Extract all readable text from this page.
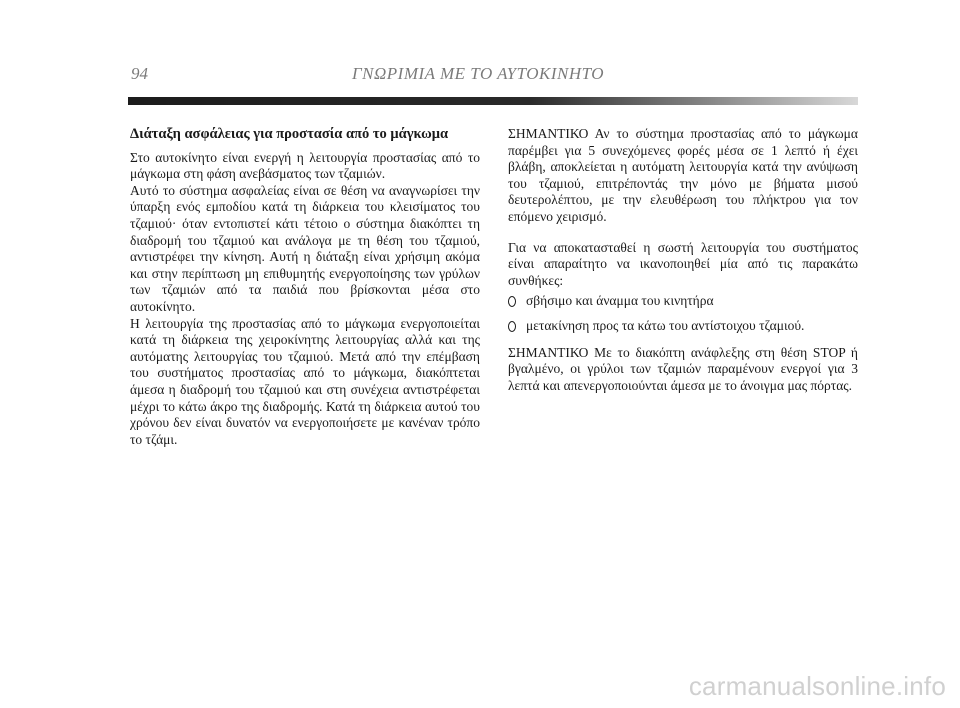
94	ΓΝΩΡΙΜΙΑ ΜΕ ΤΟ ΑΥΤΟΚΙΝΗΤΟ
Διάταξη ασφάλειας για προστασία από το μάγκωμα

Στο αυτοκίνητο είναι ενεργή η λειτουργία προστασίας από το μάγκωμα στη φάση ανεβάσματος των τζαμιών.

Αυτό το σύστημα ασφαλείας είναι σε θέση να αναγνωρίσει την ύπαρξη ενός εμποδίου κατά τη διάρκεια του κλεισίματος του τζαμιού· όταν εντοπιστεί κάτι τέτοιο ο σύστημα διακόπτει τη διαδρομή του τζαμιού και ανάλογα με τη θέση του τζαμιού, αντιστρέφει την κίνηση. Αυτή η διάταξη είναι χρήσιμη ακόμα και στην περίπτωση μη επιθυμητής ενεργοποίησης των γρύλων των τζαμιών από τα παιδιά που βρίσκονται μέσα στο αυτοκίνητο.

Η λειτουργία της προστασίας από το μάγκωμα ενεργοποιείται κατά τη διάρκεια της χειροκίνητης λειτουργίας αλλά και της αυτόματης λειτουργίας του τζαμιού. Μετά από την επέμβαση του συστήματος προστασίας από το μάγκωμα, διακόπτεται άμεσα η διαδρομή του τζαμιού και στη συνέχεια αντιστρέφεται μέχρι το κάτω άκρο της διαδρομής. Κατά τη διάρκεια αυτού του χρόνου δεν είναι δυνατόν να ενεργοποιήσετε με κανέναν τρόπο το τζάμι.

ΣΗΜΑΝΤΙΚΟ Αν το σύστημα προστασίας από το μάγκωμα παρέμβει για 5 συνεχόμενες φορές μέσα σε 1 λεπτό ή έχει βλάβη, αποκλείεται η αυτόματη λειτουργία κατά την ανύψωση του τζαμιού, επιτρέποντάς την μόνο με βήματα μισού δευτερολέπτου, με την ελευθέρωση του πλήκτρου για τον επόμενο χειρισμό.

Για να αποκατασταθεί η σωστή λειτουργία του συστήματος είναι απαραίτητο να ικανοποιηθεί μία από τις παρακάτω συνθήκες:

σβήσιμο και άναμμα του κινητήρα
μετακίνηση προς τα κάτω του αντίστοιχου τζαμιού.

ΣΗΜΑΝΤΙΚΟ Με το διακόπτη ανάφλεξης στη θέση STOP ή βγαλμένο, οι γρύλοι των τζαμιών παραμένουν ενεργοί για 3 λεπτά και απενεργοποιούνται άμεσα με το άνοιγμα μας πόρτας.

carmanualsonline.info
